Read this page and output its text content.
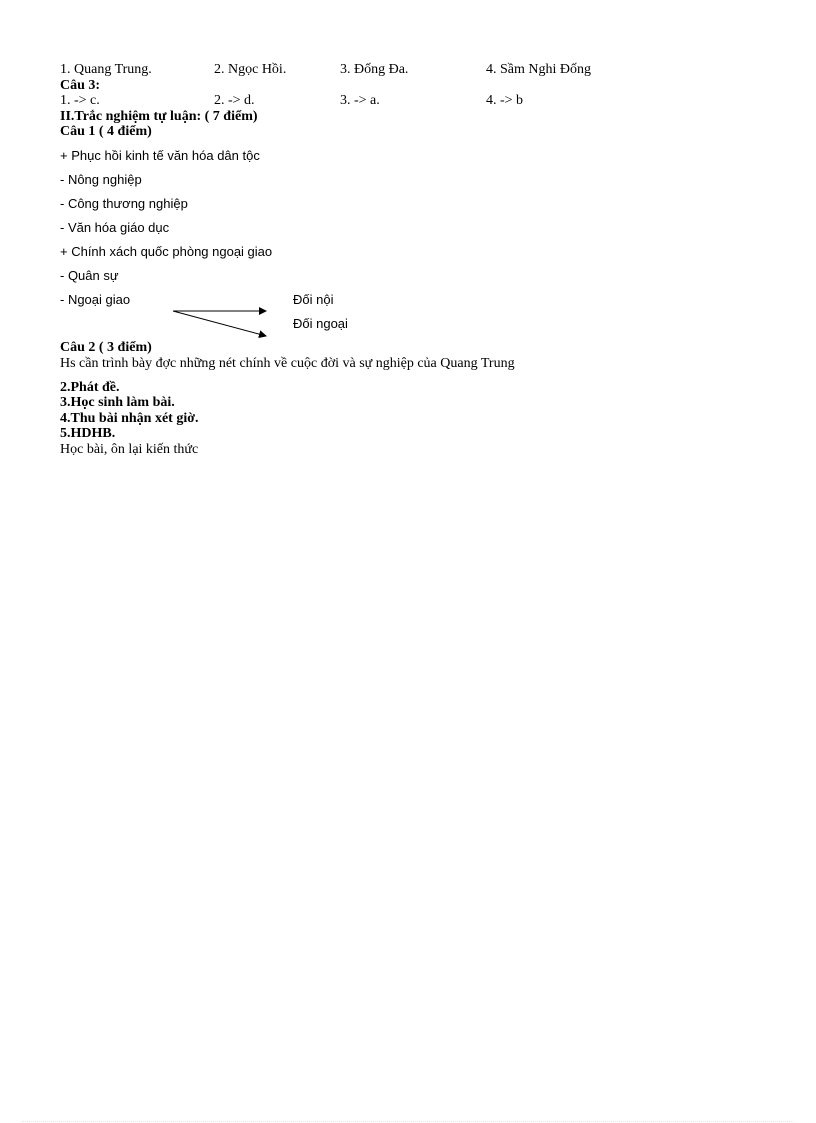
1. Quang Trung.	2. Ngọc Hồi.	3. Đống Đa.	4. Sầm Nghi Đống
Câu 3:
1. -> c.	2. -> d.	3. -> a.	4. -> b
II.Trắc nghiệm tự luận: ( 7 điểm)
Câu 1 ( 4 điểm)
+ Phục hồi kinh tế văn hóa dân tộc
- Nông nghiệp
- Công thương nghiệp
- Văn hóa giáo dục
+ Chính xách quốc phòng ngoại giao
- Quân sự
- Ngoại giao	Đối nội
Đối ngoại
Câu 2 ( 3 điểm)
Hs cần trình bày đợc những nét chính về cuộc đời và sự nghiệp của Quang Trung
2.Phát đề.
3.Học sinh làm bài.
4.Thu bài nhận xét giờ.
5.HDHB.
Học bài, ôn lại kiến thức
